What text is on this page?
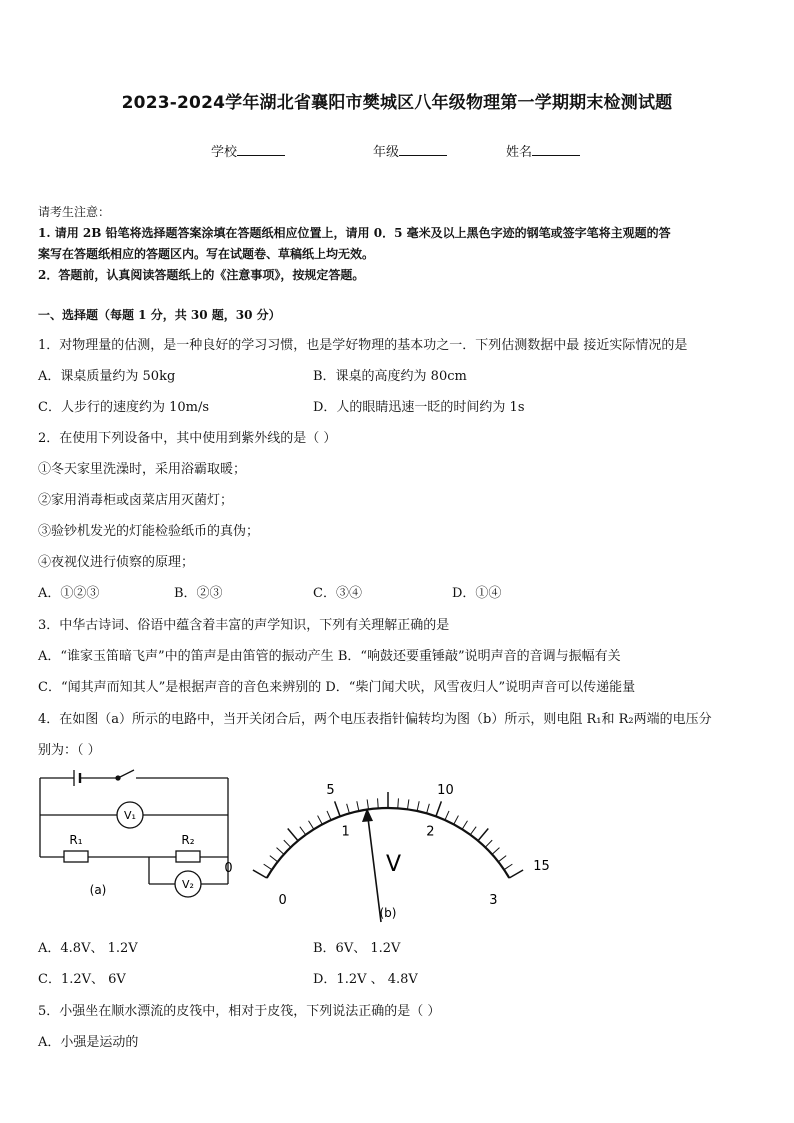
2023-2024学年湖北省襄阳市樊城区八年级物理第一学期期末检测试题
学校	年级	姓名
请考生注意：
1. 请用 2B 铅笔将选择题答案涂填在答题纸相应位置上，请用 0．5 毫米及以上黑色字迹的钢笔或签字笔将主观题的答
案写在答题纸相应的答题区内。写在试题卷、草稿纸上均无效。
2．答题前，认真阅读答题纸上的《注意事项》，按规定答题。
一、选择题（每题 1 分，共 30 题，30 分）
1．对物理量的估测，是一种良好的学习习惯，也是学好物理的基本功之一．下列估测数据中最 接近实际情况的是
A．课桌质量约为 50kg	B．课桌的高度约为 80cm
C．人步行的速度约为 10m/s	D．人的眼睛迅速一眨的时间约为 1s
2．在使用下列设备中，其中使用到紫外线的是（ ）
①冬天家里洗澡时，采用浴霸取暖；
②家用消毒柜或卤菜店用灭菌灯；
③验钞机发光的灯能检验纸币的真伪；
④夜视仪进行侦察的原理；
A．①②③	B．②③	C．③④	D．①④
3．中华古诗词、俗语中蕴含着丰富的声学知识，下列有关理解正确的是
A．“谁家玉笛暗飞声”中的笛声是由笛管的振动产生 B．“响鼓还要重锤敲”说明声音的音调与振幅有关
C．“闻其声而知其人”是根据声音的音色来辨别的 D．“柴门闻犬吠，风雪夜归人”说明声音可以传递能量
4．在如图（a）所示的电路中，当开关闭合后，两个电压表指针偏转均为图（b）所示，则电阻 R₁和 R₂两端的电压分
别为：（ ）
V₁
V₂
R₁	R₂
(a)
0
5	10
15
0
1	2
3
V
(b)
A．4.8V、 1.2V	B．6V、 1.2V
C．1.2V、 6V	D．1.2V 、 4.8V
5．小强坐在顺水漂流的皮筏中，相对于皮筏，下列说法正确的是（ ）
A．小强是运动的
